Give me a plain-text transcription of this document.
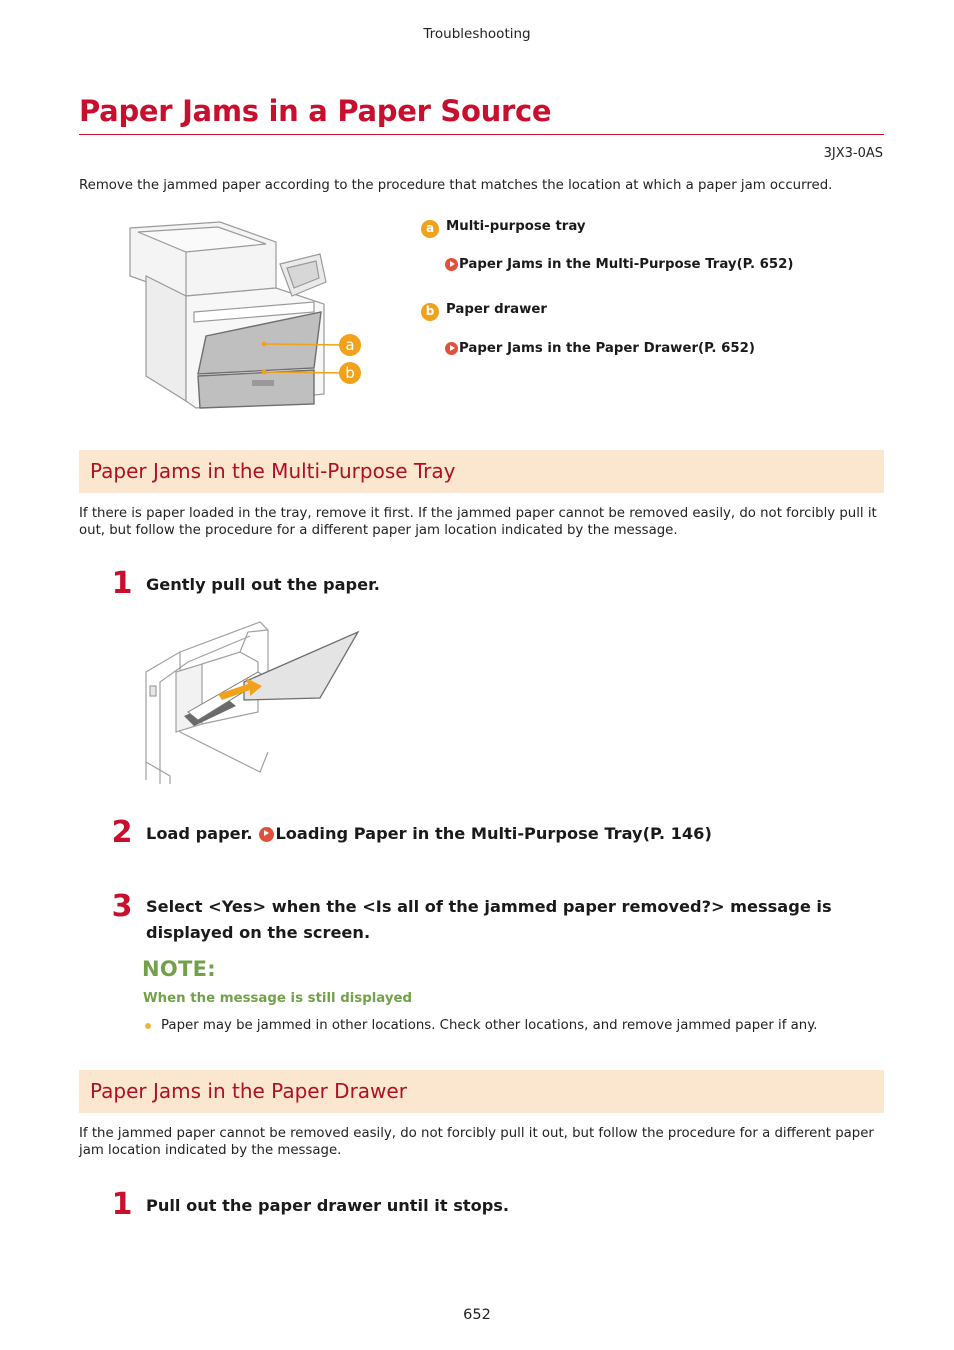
Troubleshooting
Paper Jams in a Paper Source
3JX3-0AS
Remove the jammed paper according to the procedure that matches the location at which a paper jam occurred.
a
b
a Multi-purpose tray
Paper Jams in the Multi-Purpose Tray(P. 652)
b Paper drawer
Paper Jams in the Paper Drawer(P. 652)
Paper Jams in the Multi-Purpose Tray
If there is paper loaded in the tray, remove it first. If the jammed paper cannot be removed easily, do not forcibly pull it out, but follow the procedure for a different paper jam location indicated by the message.
1 Gently pull out the paper.
2 Load paper. Loading Paper in the Multi-Purpose Tray(P. 146)
3 Select <Yes> when the <Is all of the jammed paper removed?> message is displayed on the screen.
NOTE:
When the message is still displayed
Paper may be jammed in other locations. Check other locations, and remove jammed paper if any.
Paper Jams in the Paper Drawer
If the jammed paper cannot be removed easily, do not forcibly pull it out, but follow the procedure for a different paper jam location indicated by the message.
1 Pull out the paper drawer until it stops.
652
